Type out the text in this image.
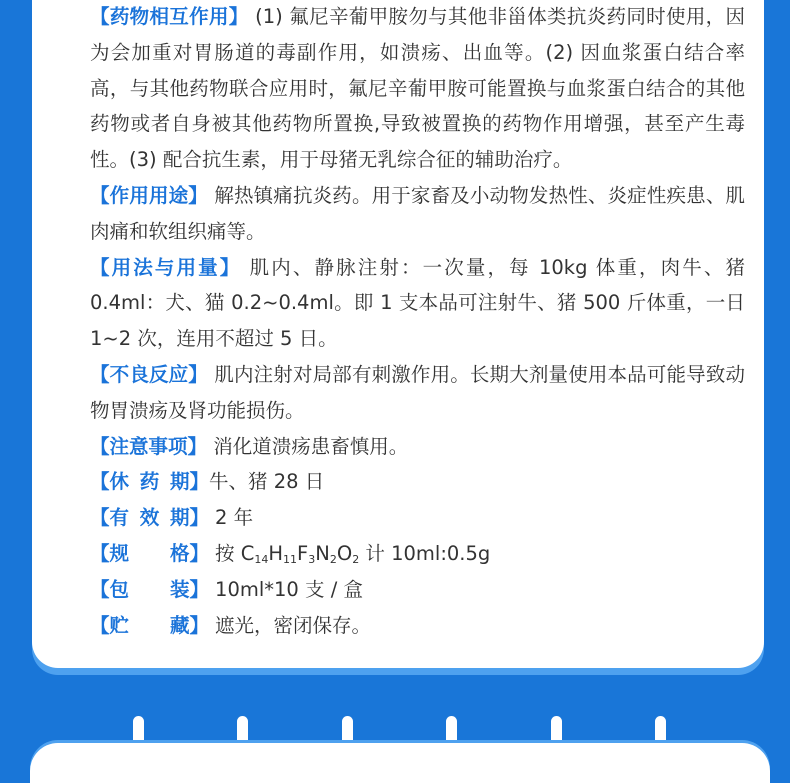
【药物相互作用】 (1) 氟尼辛葡甲胺勿与其他非甾体类抗炎药同时使用，因为会加重对胃肠道的毒副作用，如溃疡、出血等。(2) 因血浆蛋白结合率高，与其他药物联合应用时，氟尼辛葡甲胺可能置换与血浆蛋白结合的其他药物或者自身被其他药物所置换,导致被置换的药物作用增强，甚至产生毒性。(3) 配合抗生素，用于母猪无乳综合征的辅助治疗。

【作用用途】 解热镇痛抗炎药。用于家畜及小动物发热性、炎症性疾患、肌肉痛和软组织痛等。

【用法与用量】 肌内、静脉注射：一次量，每 10kg 体重，肉牛、猪 0.4ml：犬、猫 0.2~0.4ml。即 1 支本品可注射牛、猪 500 斤体重，一日 1~2 次，连用不超过 5 日。

【不良反应】 肌内注射对局部有刺激作用。长期大剂量使用本品可能导致动物胃溃疡及肾功能损伤。

【注意事项】 消化道溃疡患畜慎用。

【 休药期 】 牛、猪 28 日
【 有效期 】 2 年
【 规格 】 按 $C_{14}H_{11}F_3N_2O_2$ 计 10ml:0.5g
【 包装 】 10ml*10 支 / 盒
【 贮藏 】 遮光，密闭保存。
